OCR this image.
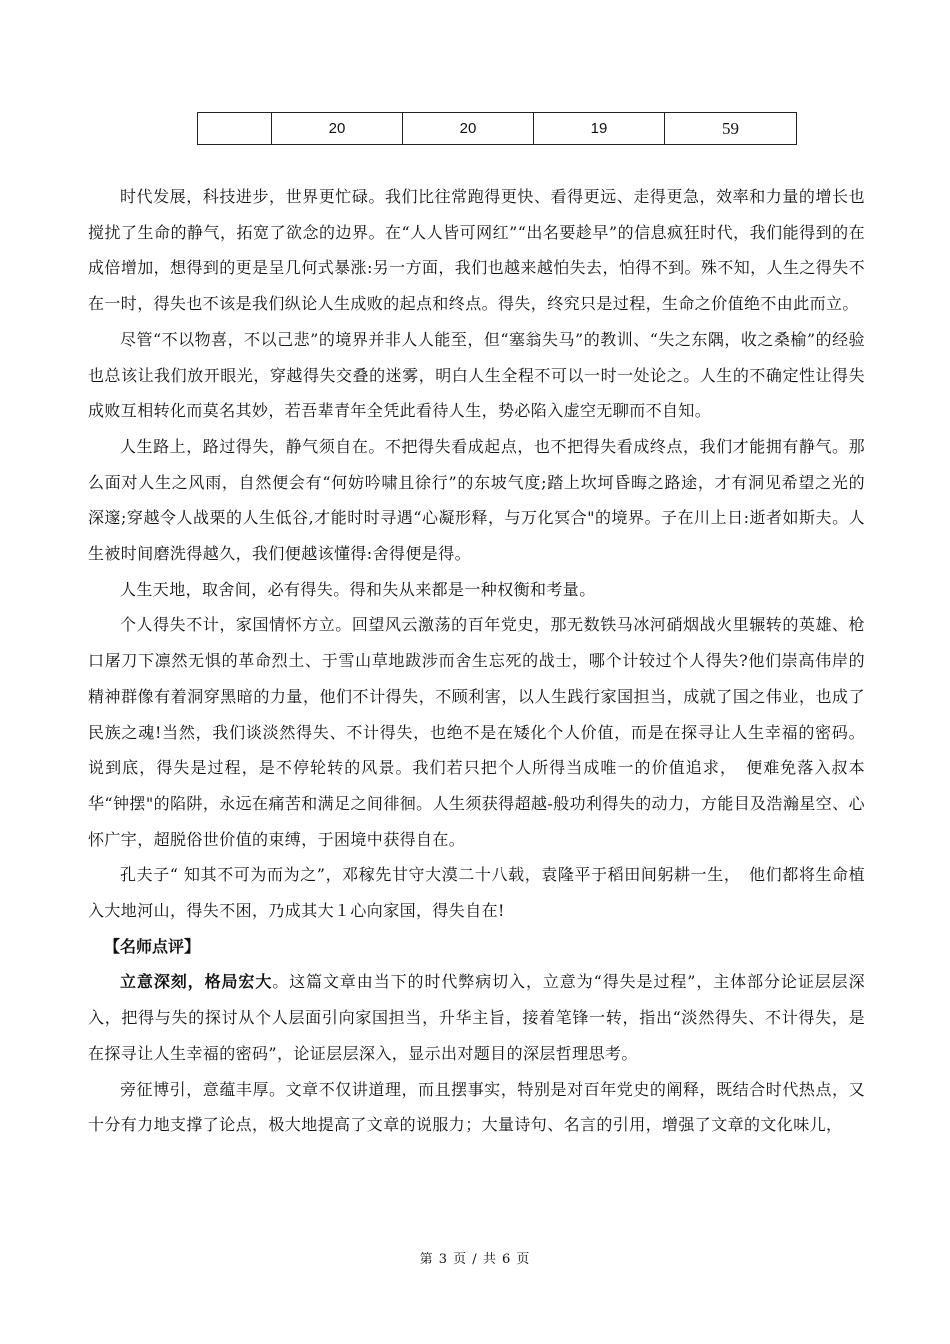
	20	20	19	59

时代发展，科技进步，世界更忙碌。我们比往常跑得更快、看得更远、走得更急，效率和力量的增长也搅扰了生命的静气，拓宽了欲念的边界。在“人人皆可网红”“出名要趁早”的信息疯狂时代，我们能得到的在成倍增加，想得到的更是呈几何式暴涨:另一方面，我们也越来越怕失去，怕得不到。殊不知，人生之得失不在一时，得失也不该是我们纵论人生成败的起点和终点。得失，终究只是过程，生命之价值绝不由此而立。

尽管“不以物喜，不以己悲”的境界并非人人能至，但“塞翁失马”的教训、“失之东隅，收之桑榆”的经验也总该让我们放开眼光，穿越得失交叠的迷雾，明白人生全程不可以一时一处论之。人生的不确定性让得失成败互相转化而莫名其妙，若吾辈青年全凭此看待人生，势必陷入虚空无聊而不自知。

人生路上，路过得失，静气须自在。不把得失看成起点，也不把得失看成终点，我们才能拥有静气。那么面对人生之风雨，自然便会有“何妨吟啸且徐行”的东坡气度;踏上坎坷昏晦之路途，才有洞见希望之光的深邃;穿越令人战栗的人生低谷,才能时时寻遇“心凝形释，与万化冥合"的境界。子在川上日:逝者如斯夫。人生被时间磨洗得越久，我们便越该懂得:舍得便是得。

人生天地，取舍间，必有得失。得和失从来都是一种权衡和考量。

个人得失不计，家国情怀方立。回望风云激荡的百年党史，那无数铁马冰河硝烟战火里辗转的英雄、枪口屠刀下凛然无惧的革命烈土、于雪山草地跋涉而舍生忘死的战士，哪个计较过个人得失?他们崇高伟岸的精神群像有着洞穿黑暗的力量，他们不计得失，不顾利害，以人生践行家国担当，成就了国之伟业，也成了民族之魂!当然，我们谈淡然得失、不计得失，也绝不是在矮化个人价值，而是在探寻让人生幸福的密码。说到底，得失是过程，是不停轮转的风景。我们若只把个人所得当成唯一的价值追求，　便难免落入叔本华“钟摆"的陷阱，永远在痛苦和满足之间徘徊。人生须获得超越-般功利得失的动力，方能目及浩瀚星空、心怀广宇，超脱俗世价值的束缚，于困境中获得自在。

孔夫子“ 知其不可为而为之”，邓稼先甘守大漠二十八载，袁隆平于稻田间躬耕一生，　他们都将生命植入大地河山，得失不困，乃成其大１心向家国，得失自在!

【名师点评】

立意深刻，格局宏大。这篇文章由当下的时代弊病切入，立意为“得失是过程”，主体部分论证层层深入，把得与失的探讨从个人层面引向家国担当，升华主旨，接着笔锋一转，指出“淡然得失、不计得失，是在探寻让人生幸福的密码”，论证层层深入，显示出对题目的深层哲理思考。

旁征博引，意蕴丰厚。文章不仅讲道理，而且摆事实，特别是对百年党史的阐释，既结合时代热点，又十分有力地支撑了论点，极大地提高了文章的说服力；大量诗句、名言的引用，增强了文章的文化味儿，

第 3 页 / 共 6 页
